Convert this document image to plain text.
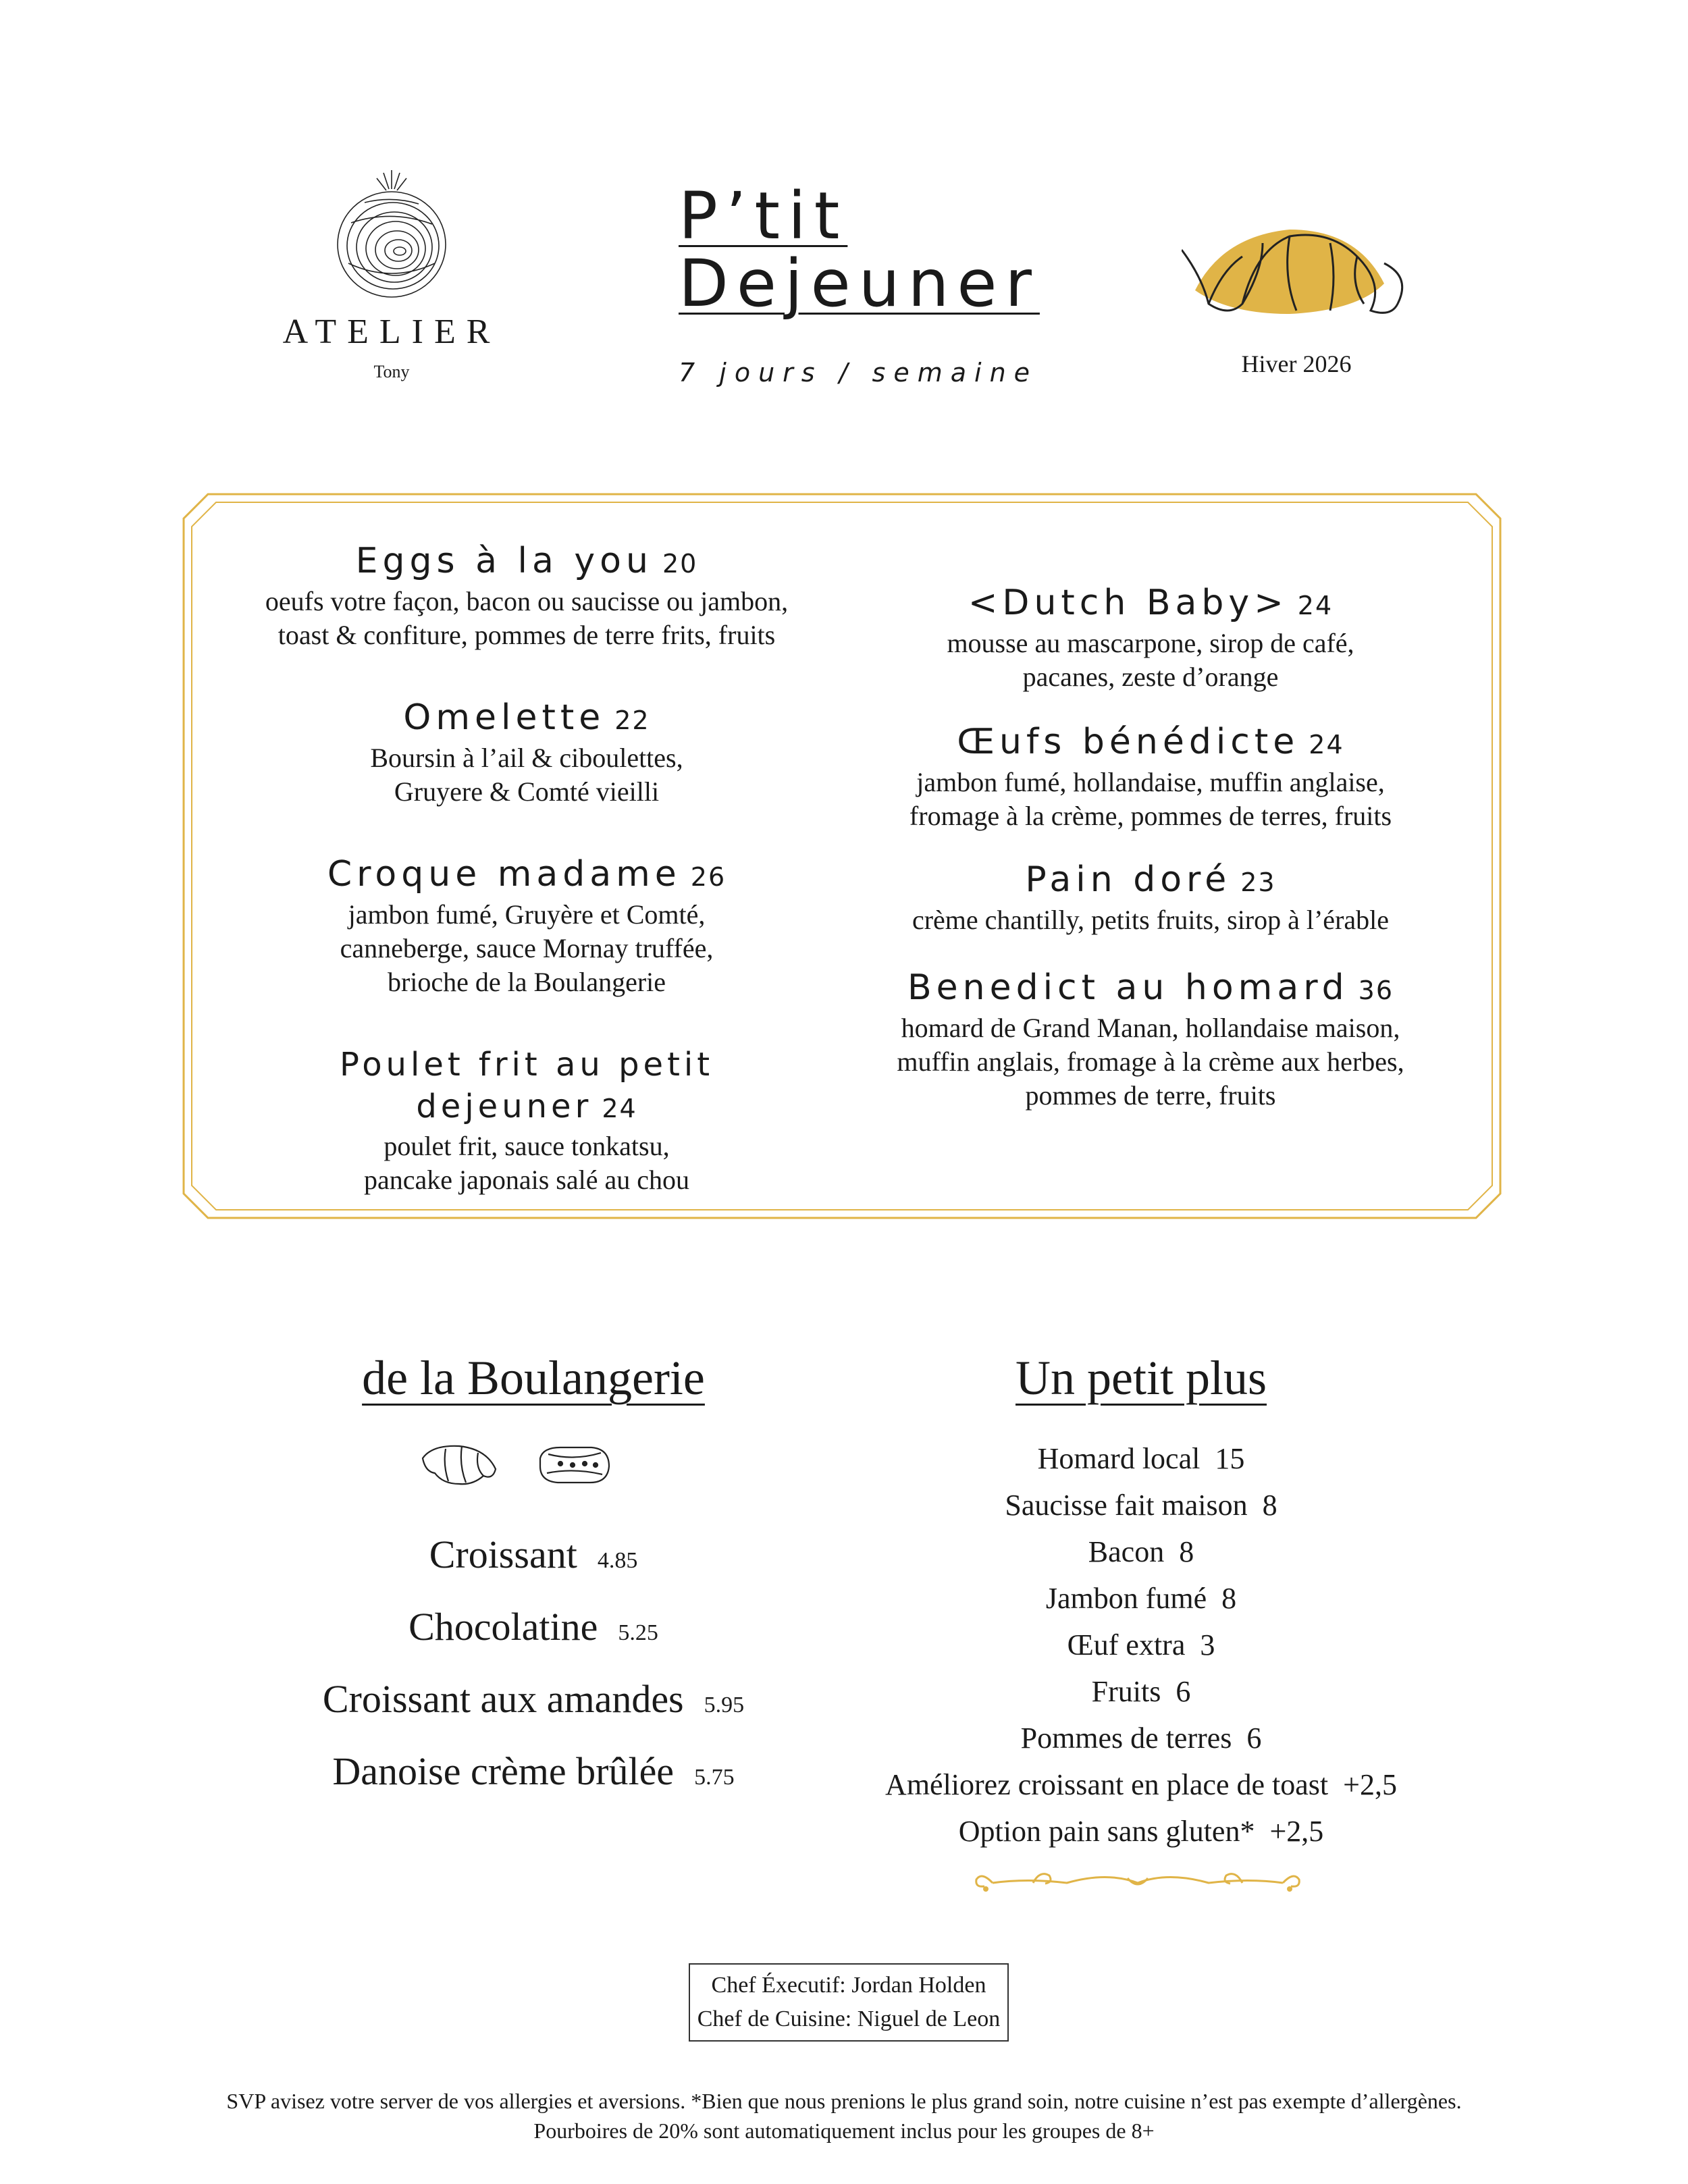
ATELIER
Tony
P’tit
Dejeuner
7 jours / semaine	Hiver 2026
Eggs à la you 20
oeufs votre façon, bacon ou saucisse ou jambon,
toast & confiture, pommes de terre frits, fruits
Omelette 22
Boursin à l’ail & ciboulettes,
Gruyere & Comté vieilli
Croque madame 26
jambon fumé, Gruyère et Comté,
canneberge, sauce Mornay truffée,
brioche de la Boulangerie
Poulet frit au petit dejeuner 24
poulet frit, sauce tonkatsu,
pancake japonais salé au chou
<Dutch Baby> 24
mousse au mascarpone, sirop de café,
pacanes, zeste d’orange
Œufs bénédicte 24
jambon fumé, hollandaise, muffin anglaise,
fromage à la crème, pommes de terres, fruits
Pain doré 23
crème chantilly, petits fruits, sirop à l’érable
Benedict au homard 36
homard de Grand Manan, hollandaise maison,
muffin anglais, fromage à la crème aux herbes,
pommes de terre, fruits
de la Boulangerie
Croissant 4.85
Chocolatine 5.25
Croissant aux amandes 5.95
Danoise crème brûlée 5.75
Un petit plus
Homard local 15
Saucisse fait maison 8
Bacon 8
Jambon fumé 8
Œuf extra 3
Fruits 6
Pommes de terres 6
Améliorez croissant en place de toast +2,5
Option pain sans gluten* +2,5
Chef Éxecutif: Jordan Holden
Chef de Cuisine: Niguel de Leon
SVP avisez votre server de vos allergies et aversions. *Bien que nous prenions le plus grand soin, notre cuisine n’est pas exempte d’allergènes.
Pourboires de 20% sont automatiquement inclus pour les groupes de 8+
